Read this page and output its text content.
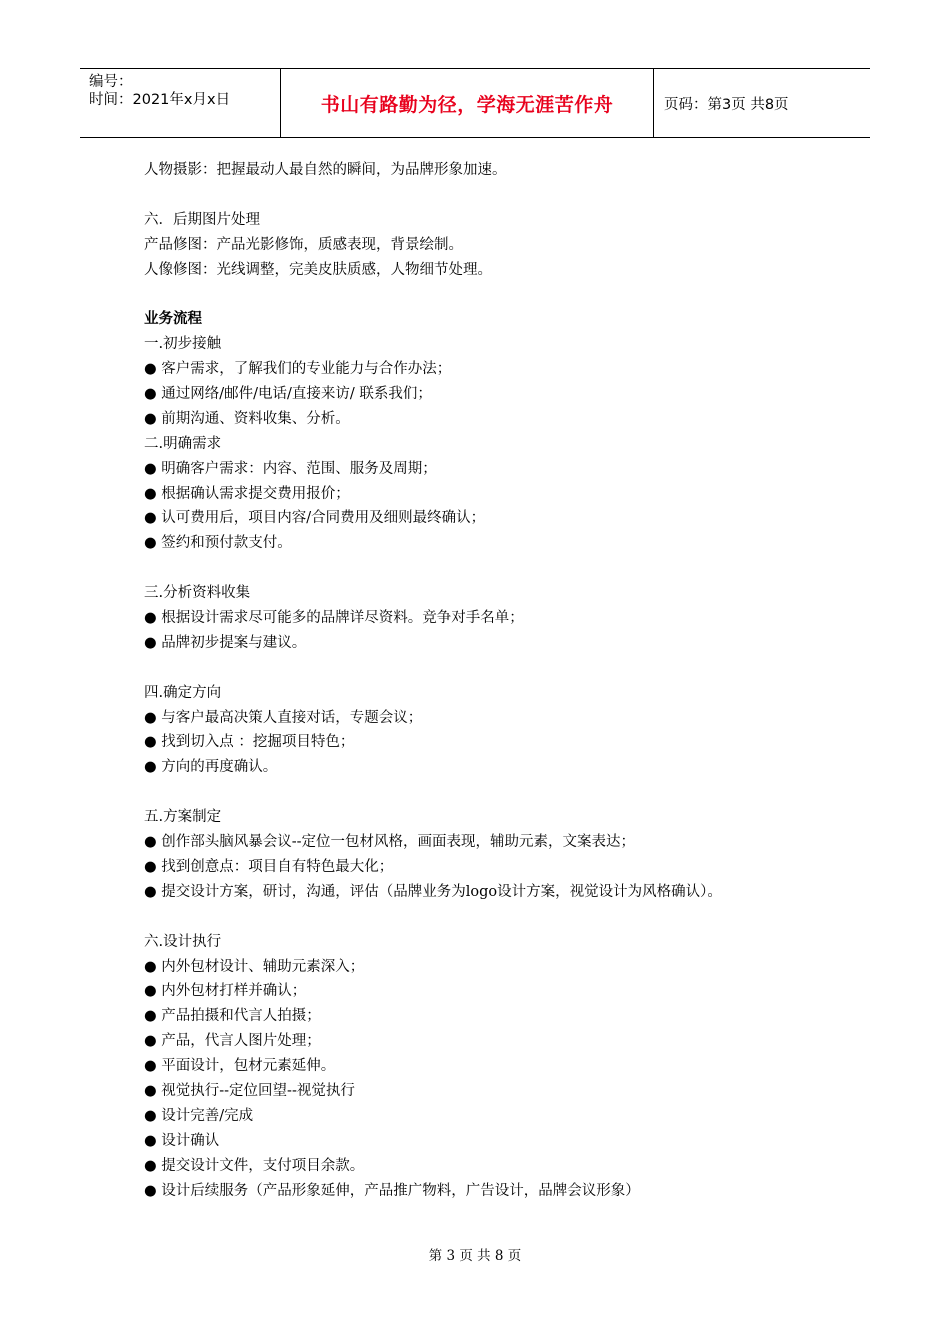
编号：
时间：2021年x月x日	书山有路勤为径，学海无涯苦作舟	页码：第3页 共8页
人物摄影：把握最动人最自然的瞬间，为品牌形象加速。
六．后期图片处理
产品修图：产品光影修饰，质感表现，背景绘制。
人像修图：光线调整，完美皮肤质感，人物细节处理。
业务流程
一.初步接触
● 客户需求，了解我们的专业能力与合作办法；
● 通过网络/邮件/电话/直接来访/ 联系我们；
● 前期沟通、资料收集、分析。
二.明确需求
● 明确客户需求：内容、范围、服务及周期；
● 根据确认需求提交费用报价；
● 认可费用后，项目内容/合同费用及细则最终确认；
● 签约和预付款支付。
三.分析资料收集
● 根据设计需求尽可能多的品牌详尽资料。竞争对手名单；
● 品牌初步提案与建议。
四.确定方向
● 与客户最高决策人直接对话，专题会议；
● 找到切入点 ：挖掘项目特色；
● 方向的再度确认。
五.方案制定
● 创作部头脑风暴会议--定位一包材风格，画面表现，辅助元素，文案表达；
● 找到创意点：项目自有特色最大化；
● 提交设计方案，研讨，沟通，评估（品牌业务为logo设计方案，视觉设计为风格确认）。
六.设计执行
● 内外包材设计、辅助元素深入；
● 内外包材打样并确认；
● 产品拍摄和代言人拍摄；
● 产品，代言人图片处理；
● 平面设计，包材元素延伸。
● 视觉执行--定位回望--视觉执行
● 设计完善/完成
● 设计确认
● 提交设计文件，支付项目余款。
● 设计后续服务（产品形象延伸，产品推广物料，广告设计，品牌会议形象）
第 3 页 共 8 页
